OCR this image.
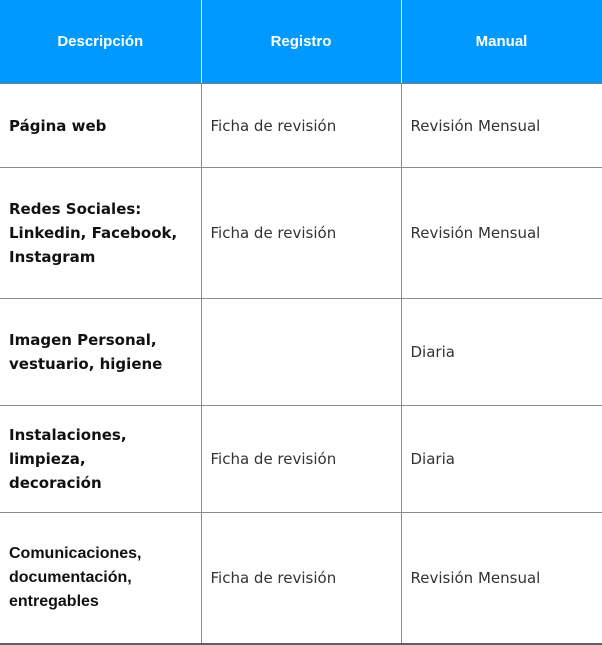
Descripción	Registro	Manual
Página web	Ficha de revisión	Revisión Mensual
Redes Sociales:
Linkedin, Facebook,
Instagram	Ficha de revisión	Revisión Mensual
Imagen Personal,
vestuario, higiene		Diaria
Instalaciones, limpieza,
decoración	Ficha de revisión	Diaria
Comunicaciones,
documentación,
entregables	Ficha de revisión	Revisión Mensual
